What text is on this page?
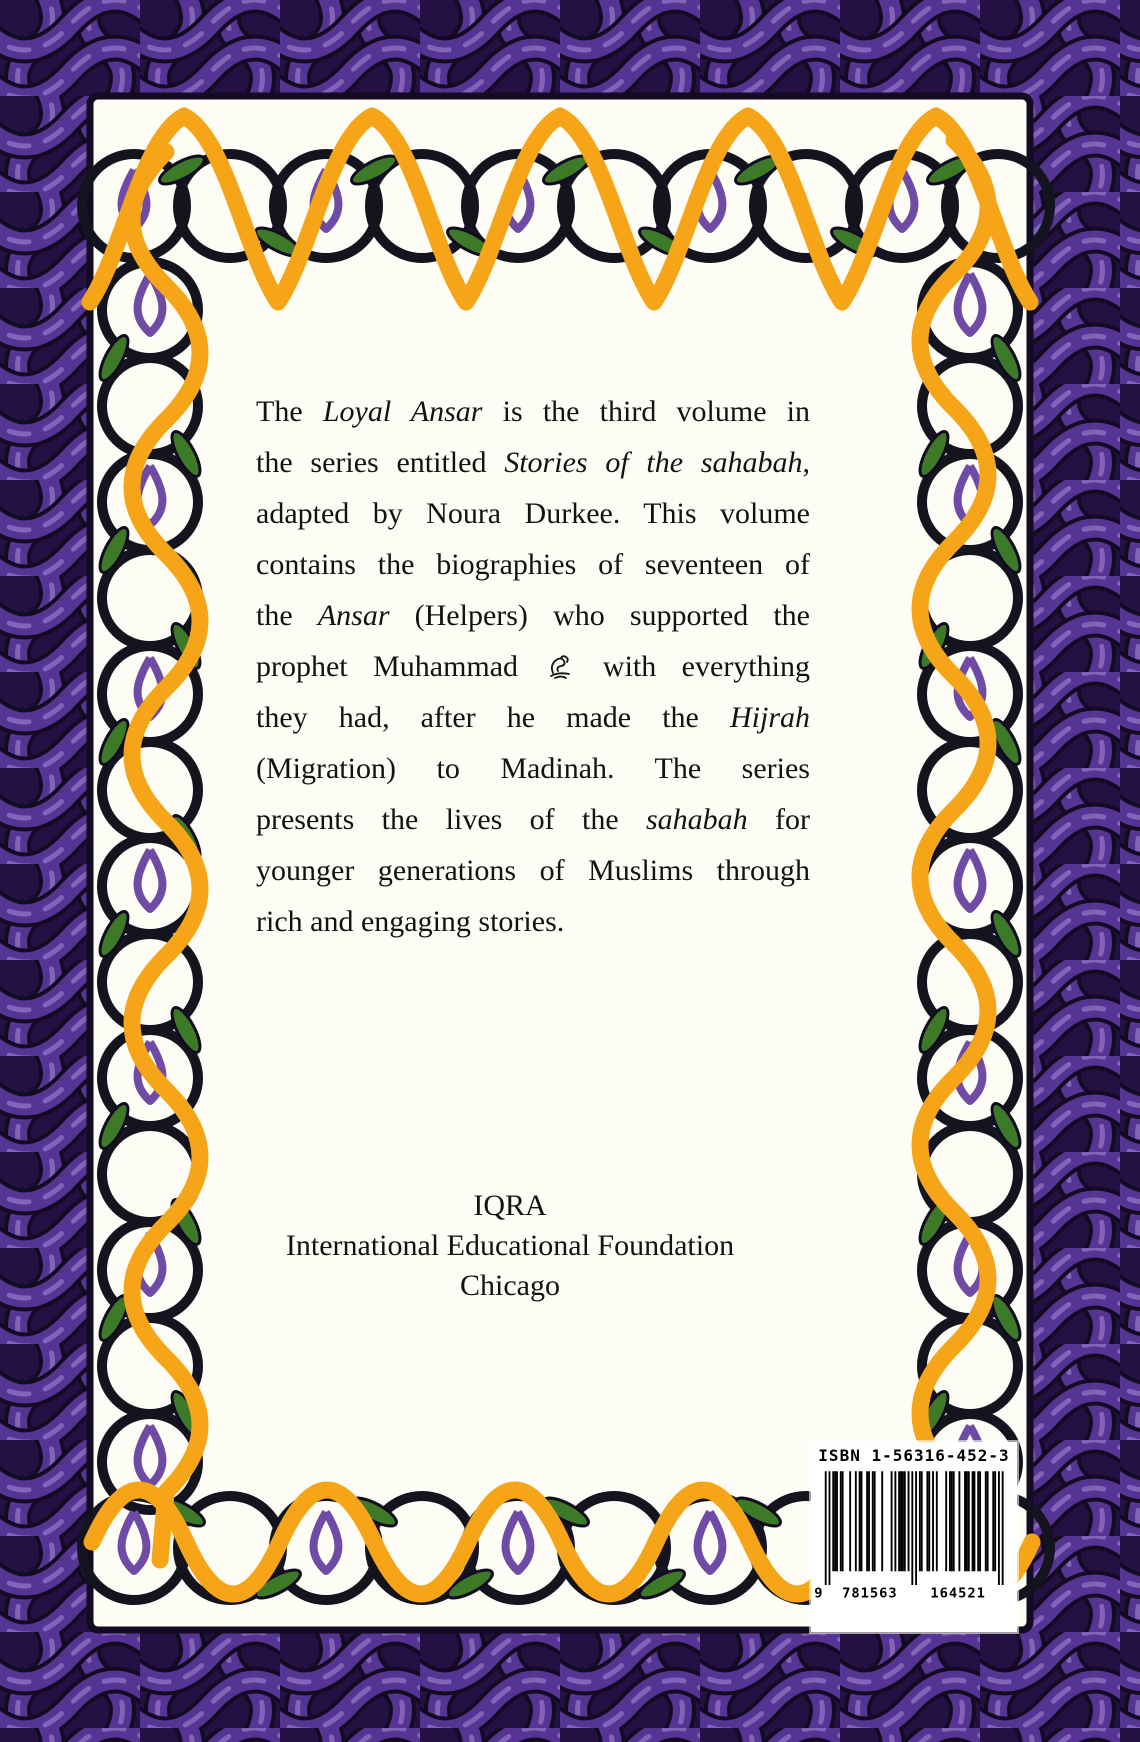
The Loyal Ansar is the third volume in
the series entitled Stories of the sahabah,
adapted by Noura Durkee. This volume
contains the biographies of seventeen of
the Ansar (Helpers) who supported the
prophet Muhammad  with everything
they had, after he made the Hijrah
(Migration) to Madinah. The series
presents the lives of the sahabah for
younger generations of Muslims through
rich and engaging stories.
IQRA
International Educational Foundation
Chicago
ISBN 1-56316-452-3
9 781563 164521
